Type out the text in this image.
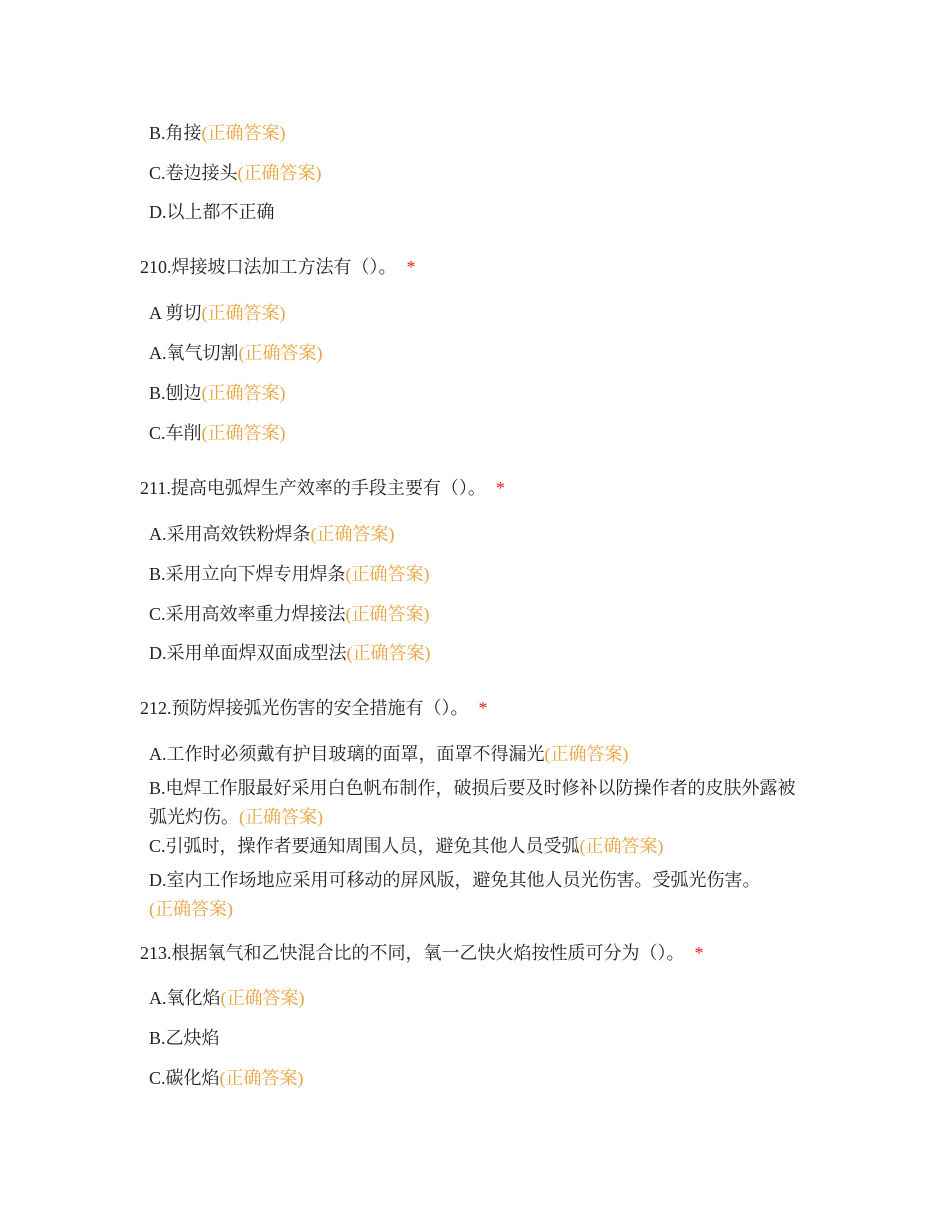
B.角接(正确答案)
C.卷边接头(正确答案)
D.以上都不正确
210.焊接坡口法加工方法有（）。 *
A 剪切(正确答案)
A.氧气切割(正确答案)
B.刨边(正确答案)
C.车削(正确答案)
211.提高电弧焊生产效率的手段主要有（）。 *
A.采用高效铁粉焊条(正确答案)
B.采用立向下焊专用焊条(正确答案)
C.采用高效率重力焊接法(正确答案)
D.采用单面焊双面成型法(正确答案)
212.预防焊接弧光伤害的安全措施有（）。 *
A.工作时必须戴有护目玻璃的面罩，面罩不得漏光(正确答案)
B.电焊工作服最好采用白色帆布制作，破损后要及时修补以防操作者的皮肤外露被弧光灼伤。(正确答案)
C.引弧时，操作者要通知周围人员，避免其他人员受弧(正确答案)
D.室内工作场地应采用可移动的屏风版，避免其他人员光伤害。受弧光伤害。
(正确答案)
213.根据氧气和乙快混合比的不同，氧一乙快火焰按性质可分为（）。 *
A.氧化焰(正确答案)
B.乙炔焰
C.碳化焰(正确答案)
